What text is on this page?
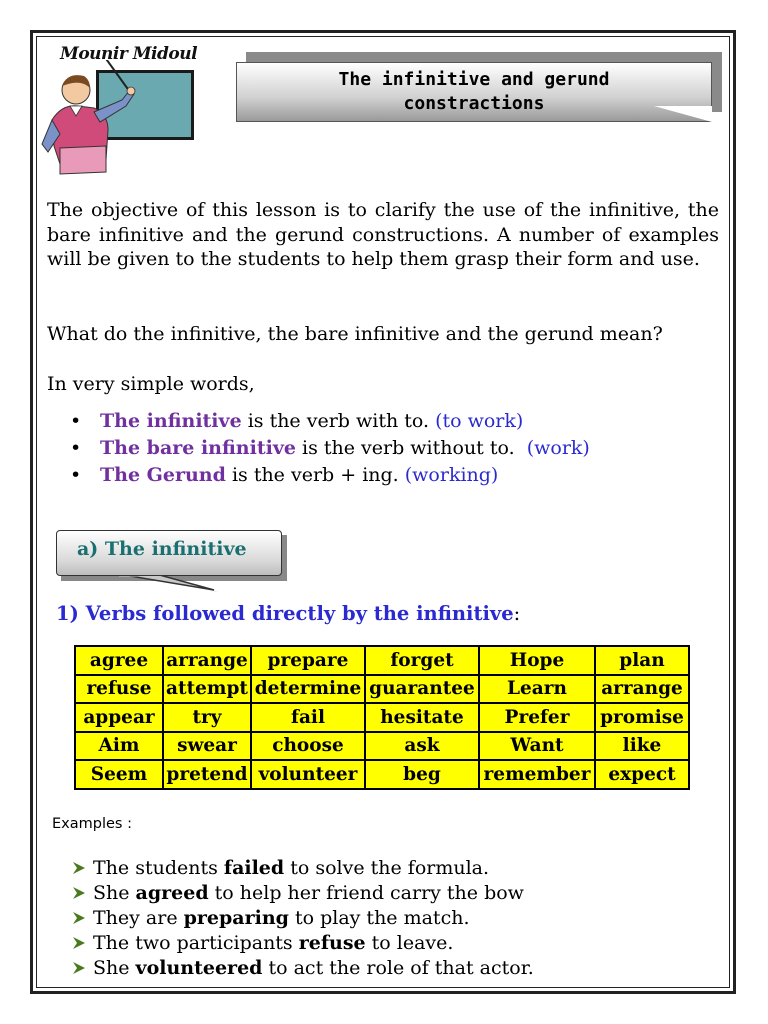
Mounir Midoul
The infinitive and gerund
constractions
The objective of this lesson is to clarify the use of the infinitive, the bare infinitive and the gerund constructions. A number of examples will be given to the students to help them grasp their form and use.
What do the infinitive, the bare infinitive and the gerund mean?
In very simple words,
• The infinitive is the verb with to. (to work)
• The bare infinitive is the verb without to.  (work)
• The Gerund is the verb + ing. (working)
a) The infinitive
1) Verbs followed directly by the infinitive:
agree	arrange	prepare	forget	Hope	plan
refuse	attempt	determine	guarantee	Learn	arrange
appear	try	fail	hesitate	Prefer	promise
Aim	swear	choose	ask	Want	like
Seem	pretend	volunteer	beg	remember	expect
Examples :
The students failed to solve the formula.
She agreed to help her friend carry the bow
They are preparing to play the match.
The two participants refuse to leave.
She volunteered to act the role of that actor.
